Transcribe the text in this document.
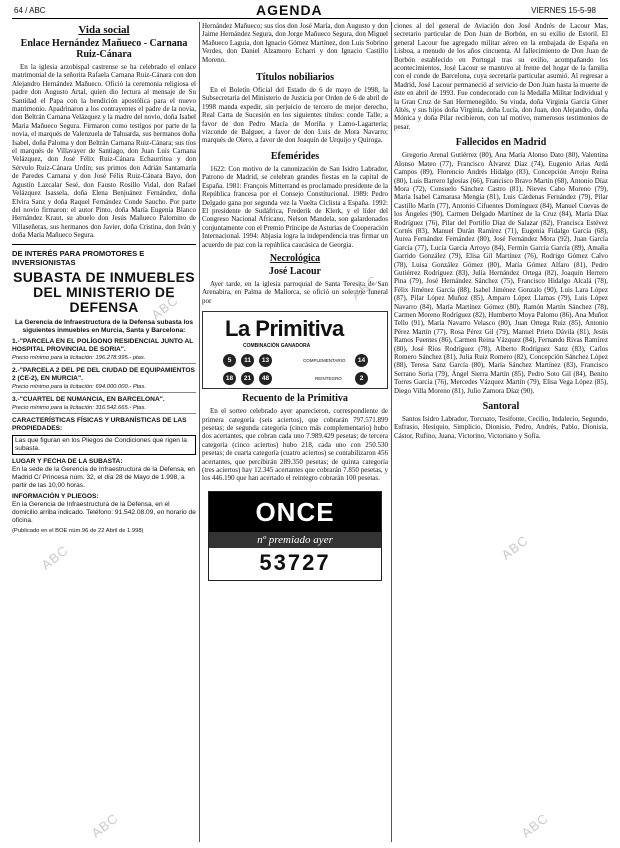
64 / ABC	AGENDA	VIERNES 15-5-98
Vida social
Enlace Hernández Mañueco - Carnana Ruiz-Cánara

En la iglesia arzobispal castrense se ha celebrado el enlace matrimonial de la señorita Rafaela Carnana Ruiz-Cánara con don Alejandro Hernández Mañueco. Ofició la ceremonia religiosa el padre don Augusto Artal, quien dio lectura al mensaje de Su Santidad el Papa con la bendición apostólica para el nuevo matrimonio. Apadrinaron a los contrayentes el padre de la novia, don Beltrán Carnana Velázquez y la madre del novio, doña Isabel María Mañueco Segura. Firmaron como testigos por parte de la novia, el marqués de Valenzuela de Tahuarda, sus hermanos doña Isabel, doña Paloma y don Beltrán Carnana Ruiz-Cánara; sus tíos el marqués de Villavayer de Santiago, don Juan Luis Carnana Velázquez, don José Félix Ruiz-Cánara Echaurritea y don Sérvulo Ruiz-Cánara Urdín; sus primos don Adrián Santamaría de Paredes Carnana y don José Félix Ruiz-Cánara Bayo, don Agustín Lazcalar Sesé, don Fausto Rosillo Vidal, don Rafael Velázquez Isassela, doña Elena Benjuánez Fernández, doña Elvira Sanz y doña Raquel Fernández Conde Saucho. Por parte del novio firmaron: el autor Pinto, doña María Eugenia Blanco Hernández Kraut, su abuelo don Jesús Mañueco Palomino de Villaseñeras, sus hermanos don Javier, doña Cristina, don Iván y doña María Mañueco Segura.

DE INTERÉS PARA PROMOTORES E INVERSIONISTAS
SUBASTA DE INMUEBLES DEL MINISTERIO DE DEFENSA
La Gerencia de Infraestructura de la Defensa subasta los siguientes inmuebles en Murcia, Santa y Barcelona:
1.-"PARCELA EN EL POLÍGONO RESIDENCIAL JUNTO AL HOSPITAL PROVINCIAL DE SORIA".
Precio mínimo para la licitación: 196.278.995.- ptas.
2.-"PARCELA 2 DEL PE DEL CIUDAD DE EQUIPAMIENTOS 2 (CE-2), EN MURCIA".
Precio mínimo para la licitación: 694.000.000.- Ptas.
3.-"CUARTEL DE NUMANCIA, EN BARCELONA".
Precio mínimo para la licitación: 316.542.665.- Ptas.
CARACTERÍSTICAS FÍSICAS Y URBANÍSTICAS DE LAS PROPIEDADES:
Las que figuran en los Pliegos de Condiciones que rigen la subasta.
LUGAR Y FECHA DE LA SUBASTA:
En la sede de la Gerencia de Infraestructura de la Defensa, en Madrid C/ Princesa núm. 32, el día 28 de Mayo de 1.998, a partir de las 10,00 horas.
INFORMACIÓN Y PLIEGOS:
En la Gerencia de Infraestructura de la Defensa, en el domicilio arriba indicado. Teléfono: 91.542.08.09, en horario de oficina.
(Publicado en el BOE núm.96 de 22 Abril de 1.998)

Hernández Mañueco; sus tíos don José María, don Augusto y don Jaime Hernández Segura, don Jorge Mañueco Segura, don Miguel Mañueco Laguía, don Ignacio Gómez Martínez, don Luis Sobrino Verdes, don Daniel Alzamoro Echarri y don Ignacio Castillo Moreno.

Títulos nobiliarios

En el Boletín Oficial del Estado de 6 de mayo de 1998, la Subsecretaría del Ministerio de Justicia por Orden de 6 de abril de 1998 manda expedir, sin perjuicio de tercero de mejor derecho, Real Carta de Sucesión en los siguientes títulos: conde Talle, a favor de don Pedro Macía de Moriña y Lamo-Lagarteria; vizconde de Balguer, a favor de don Luis de Mora Navarro; marqués de Olero, a favor de don Joaquín de Urquijo y Quiroga.

Efemérides

1622: Con motivo de la canonización de San Isidro Labrador, Patrono de Madrid, se celebran grandes fiestas en la capital de España. 1981: François Mitterrand es proclamado presidente de la República francesa por el Consejo Constitucional. 1989: Pedro Delgado gana por segunda vez la Vuelta Ciclista a España. 1992: El presidente de Sudáfrica, Frederik de Klerk, y el líder del Congreso Nacional Africano, Nelson Mandela, son galardonados conjuntamente con el Premio Príncipe de Asturias de Cooperación Internacional. 1994: Abjasia logra la independencia tras firmar un acuerdo de paz con la república caucásica de Georgia.

Necrológica
José Lacour

Ayer tarde, en la iglesia parroquial de Santa Teresita de San Arenabira, en Palma de Mallorca, se ofició un solemne funeral por

La Primitiva
COMBINACIÓN GANADORA
5	11	13
18	21	48
COMPLEMENTARIO	14
REINTEGRO	2
Recuento de la Primitiva

En el sorteo celebrado ayer aparecieron, correspondiente de primera categoría (seis aciertos), que cobrarán 797.571.899 pesetas; de segunda categoría (cinco más complementario) hubo dos acertantes, que cobran cada uno 7.989.429 pesetas; de tercera categoría (cinco aciertos) hubo 218, cada uno con 250.530 pesetas; de cuarta categoría (cuatro aciertos) se contabilizaron 456 acertantes, que percibirán 289.350 pesetas; de quinta categoría (tres aciertos) hay 12.345 acertantes que cobrarán 7.850 pesetas, y los 446.190 que han acertado el reintegro cobrarán 100 pesetas.

ONCE
nº premiado ayer
53727

ciones al del general de Aviación don José Andrés de Lacour Mas, secretario particular de Don Juan de Borbón, en su exilio de Estoril. El general Lacour fue agregado militar aéreo en la embajada de España en Lisboa, a menudo de los años cincuenta. Al fallecimiento de Don Juan de Borbón establecido en Portugal tras su exilio, acompañando los acontecimientos, José Lacour se mantuvo al frente del hogar de la familia con el conde de Barcelona, cuya secretaría particular asumió. Al regresar a Madrid, José Lacour permaneció al servicio de Don Juan hasta la muerte de éste en abril de 1993. Fue condecorado con la Medalla Militar Individual y la Gran Cruz de San Hermenegildo. Su viuda, doña Virginia García Giner Altés, y sus hijos doña Virginia, doña Lucía, don Juan, don Alejandro, doña Mónica y doña Pilar recibieron, con tal motivo, numerosos testimonios de pesar.

Fallecidos en Madrid

Gregorio Arenal Gutiérrez (80), Ana María Alonso Dato (80), Valentina Alonso Mateo (77), Francisco Álvarez Díaz (74), Eugenio Arias Ardá Campos (89), Florencio Andrés Hidalgo (83), Concepción Arrojo Reina (80), Luis Barrero Iglesias (66), Francisco Bravo Martín (68), Antonio Díaz Mora (72), Consuelo Sánchez Castro (81), Nieves Cabo Moreno (79), María Isabel Camarasa Mengía (81), Luis Cárdenas Fernández (79), Pilar Castillo Marín (77), Antonio Cifuentes Domínguez (84), Manuel Cuevas de los Ángeles (90), Carmen Delgado Martínez de la Cruz (84), María Díaz Rodríguez (76), Pilar del Portillo Díaz de Salazar (82), Francisca Estévez Cortés (83), Manuel Durán Ramírez (71), Eugenia Fidalgo García (68), Aurea Fernández Fernández (80), José Fernández Mora (92), Juan García García (77), Lucía García Arroyo (84), Fermín García García (89), Amalia Garrido González (79), Elisa Gil Martínez (76), Rodrigo Gómez Calvo (78), Luisa González Gómez (80), María Gómez Alfaro (81), Pedro Gutiérrez Rodríguez (83), Julia Hernández Ortega (82), Joaquín Herrero Pina (79), José Hernández Sánchez (75), Francisco Hidalgo Alcalá (78), Félix Jiménez García (88), Isabel Jiménez Gonzalo (90), Luis Lara López (87), Pilar López Muñoz (85), Amparo López Llamas (79), Luis López Navarro (84), María Martínez Gómez (80), Ramón Martín Sánchez (78), Carmen Moreno Rodríguez (82), Humberto Moya Palomo (86), Ana Muñoz Tello (91), María Navarro Velasco (80), Juan Ortega Ruiz (85), Antonio Pérez Martín (77), Rosa Pérez Gil (79), Manuel Prieto Dávila (81), Jesús Ramos Fuentes (86), Carmen Reina Vázquez (84), Fernando Rivas Ramírez (80), José Ríos Rodríguez (78), Alberto Rodríguez Sanz (83), Carlos Romero Sánchez (81), Julia Ruiz Romero (82), Concepción Sánchez López (88), Teresa Sanz García (80), María Sánchez Martínez (83), Francisco Serrano Soria (79), Ángel Sierra Martín (85), Pedro Soto Gil (84), Benito Torres García (76), Mercedes Vázquez Martín (79), Elisa Vega López (85), Diego Villa Moreno (81), Julio Zamora Díaz (90).

Santoral

Santos Isidro Labrador, Torcuato, Tesifonte, Cecilio, Indalecio, Segundo, Eufrasio, Hesiquio, Simplicio, Dionisio, Pedro, Andrés, Pablo, Dionisia, Cástor, Rufino, Juana, Victorino, Victoriano y Sofía.

ABC
ABC
ABC	ABC
ABC	ABC
